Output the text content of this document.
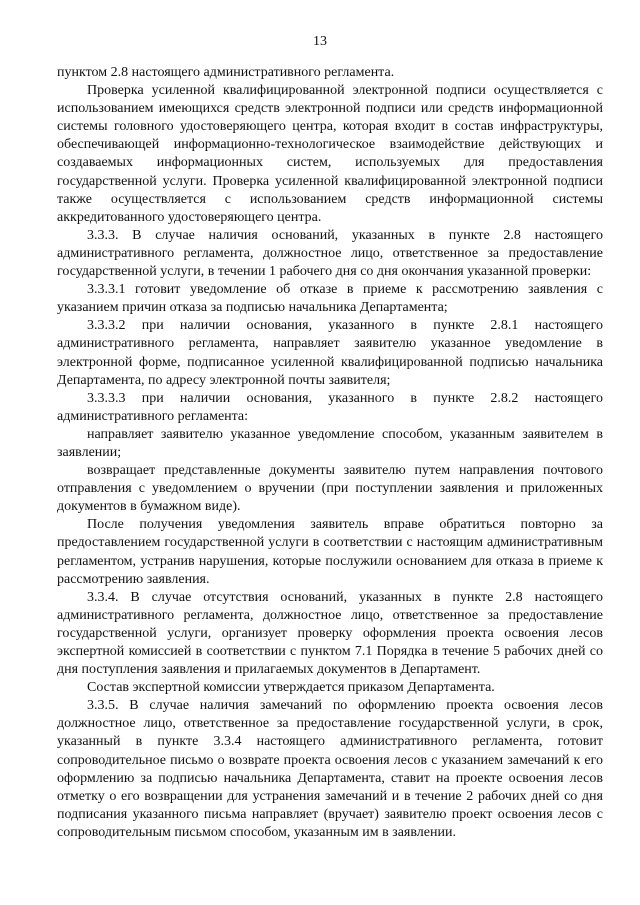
13

пунктом 2.8 настоящего административного регламента.

Проверка усиленной квалифицированной электронной подписи осуществляется с использованием имеющихся средств электронной подписи или средств информационной системы головного удостоверяющего центра, которая входит в состав инфраструктуры, обеспечивающей информационно-технологическое взаимодействие действующих и создаваемых информационных систем, используемых для предоставления государственной услуги. Проверка усиленной квалифицированной электронной подписи также осуществляется с использованием средств информационной системы аккредитованного удостоверяющего центра.

3.3.3. В случае наличия оснований, указанных в пункте 2.8 настоящего административного регламента, должностное лицо, ответственное за предоставление государственной услуги, в течении 1 рабочего дня со дня окончания указанной проверки:

3.3.3.1 готовит уведомление об отказе в приеме к рассмотрению заявления с указанием причин отказа за подписью начальника Департамента;

3.3.3.2 при наличии основания, указанного в пункте 2.8.1 настоящего административного регламента, направляет заявителю указанное уведомление в электронной форме, подписанное усиленной квалифицированной подписью начальника Департамента, по адресу электронной почты заявителя;

3.3.3.3 при наличии основания, указанного в пункте 2.8.2 настоящего административного регламента:

направляет заявителю указанное уведомление способом, указанным заявителем в заявлении;

возвращает представленные документы заявителю путем направления почтового отправления с уведомлением о вручении (при поступлении заявления и приложенных документов в бумажном виде).

После получения уведомления заявитель вправе обратиться повторно за предоставлением государственной услуги в соответствии с настоящим административным регламентом, устранив нарушения, которые послужили основанием для отказа в приеме к рассмотрению заявления.

3.3.4. В случае отсутствия оснований, указанных в пункте 2.8 настоящего административного регламента, должностное лицо, ответственное за предоставление государственной услуги, организует проверку оформления проекта освоения лесов экспертной комиссией в соответствии с пунктом 7.1 Порядка в течение 5 рабочих дней со дня поступления заявления и прилагаемых документов в Департамент.

Состав экспертной комиссии утверждается приказом Департамента.

3.3.5. В случае наличия замечаний по оформлению проекта освоения лесов должностное лицо, ответственное за предоставление государственной услуги, в срок, указанный в пункте 3.3.4 настоящего административного регламента, готовит сопроводительное письмо о возврате проекта освоения лесов с указанием замечаний к его оформлению за подписью начальника Департамента, ставит на проекте освоения лесов отметку о его возвращении для устранения замечаний и в течение 2 рабочих дней со дня подписания указанного письма направляет (вручает) заявителю проект освоения лесов с сопроводительным письмом способом, указанным им в заявлении.
